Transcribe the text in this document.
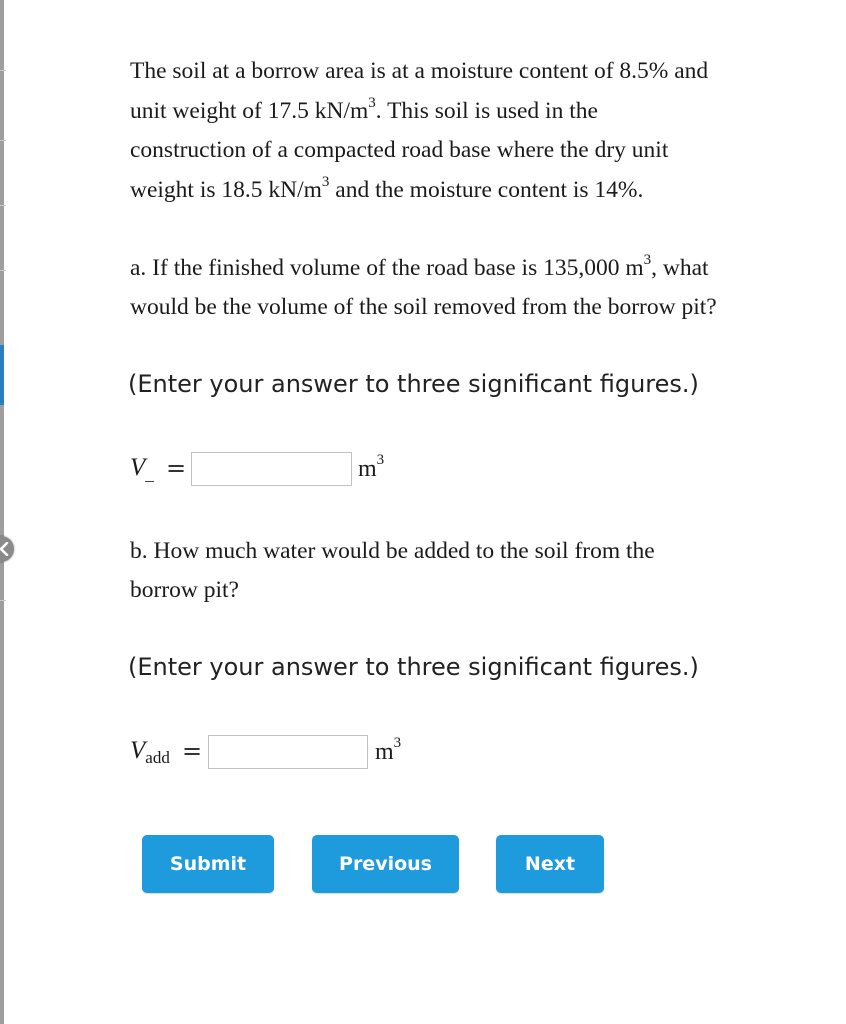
The soil at a borrow area is at a moisture content of 8.5% and
unit weight of 17.5 $kN/m^3$. This soil is used in the
construction of a compacted road base where the dry unit
weight is 18.5 $kN/m^3$ and the moisture content is 14%.
a. If the finished volume of the road base is 135,000 $m^3$, what
would be the volume of the soil removed from the borrow pit?
(Enter your answer to three significant figures.)
$V_{\_}$ =	$m^3$
b. How much water would be added to the soil from the
borrow pit?
(Enter your answer to three significant figures.)
$V_{add}$ =	$m^3$
Submit	Previous	Next
